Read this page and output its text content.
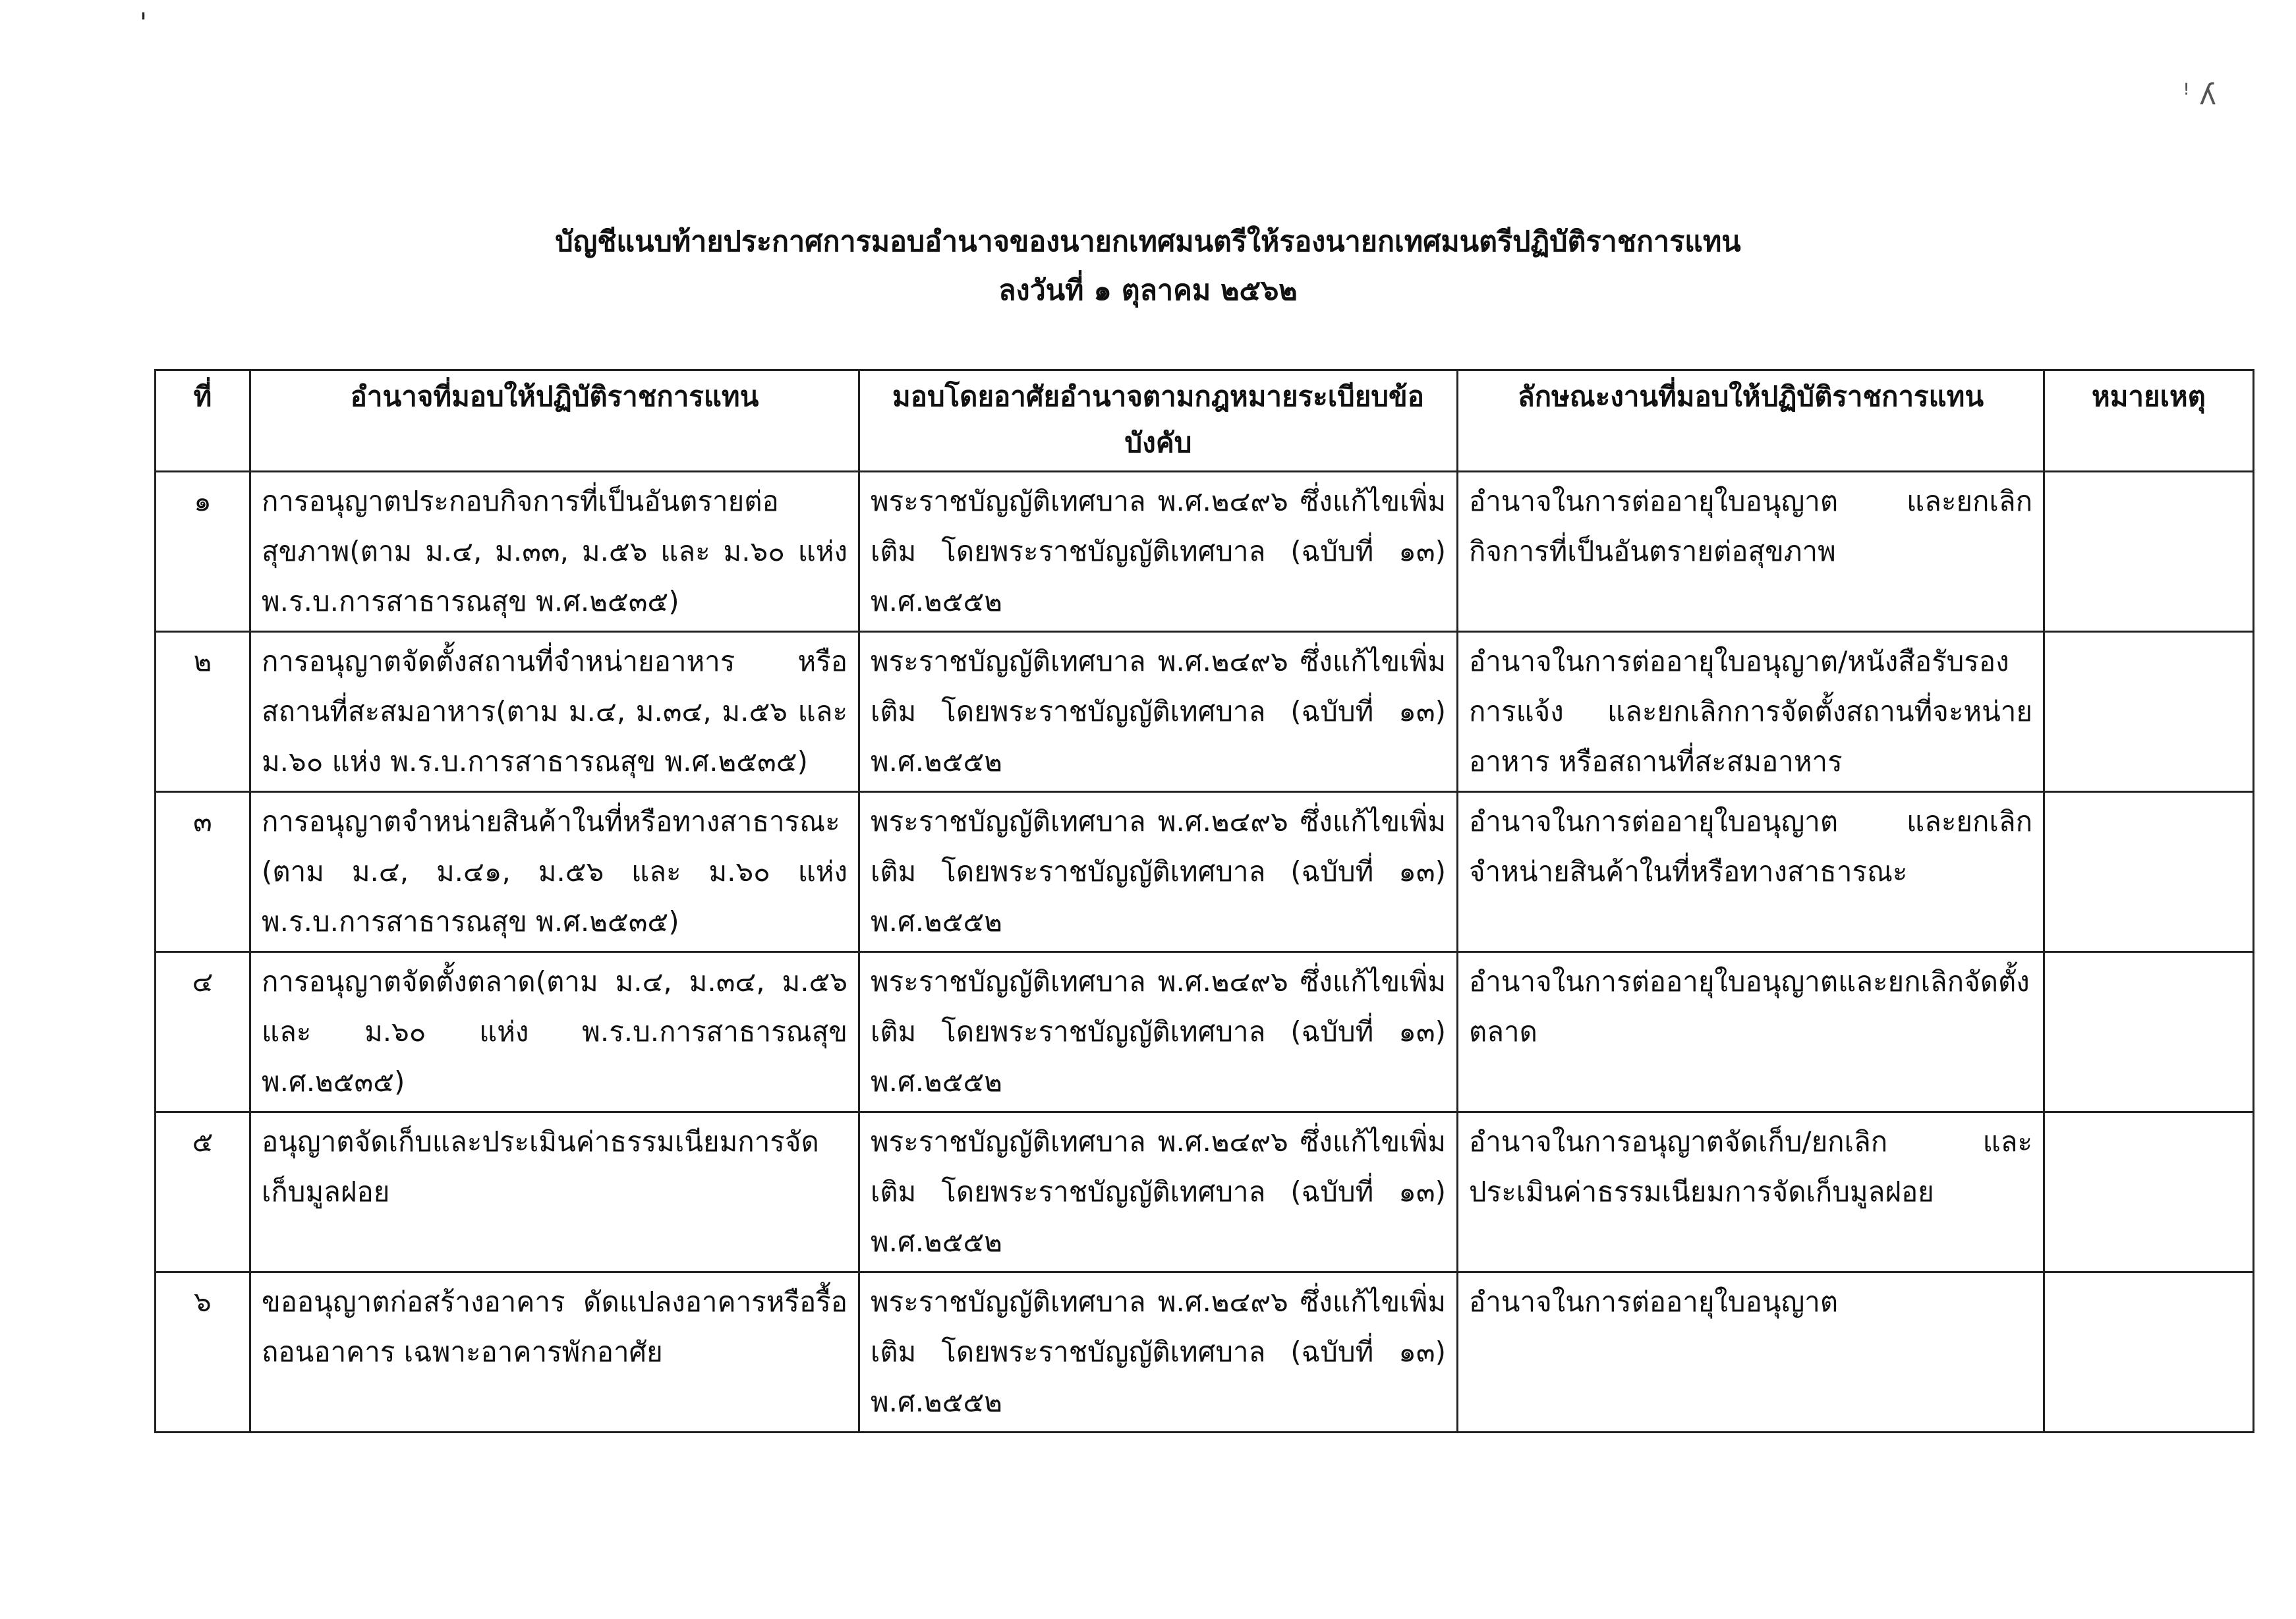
'
ꜝ ʎ
บัญชีแนบท้ายประกาศการมอบอำนาจของนายกเทศมนตรีให้รองนายกเทศมนตรีปฏิบัติราชการแทน
ลงวันที่ ๑ ตุลาคม ๒๕๖๒
ที่	อำนาจที่มอบให้ปฏิบัติราชการแทน	มอบโดยอาศัยอำนาจตามกฎหมายระเบียบข้อบังคับ	ลักษณะงานที่มอบให้ปฏิบัติราชการแทน	หมายเหตุ
๑	การอนุญาตประกอบกิจการที่เป็นอันตรายต่อสุขภาพ(ตาม ม.๔, ม.๓๓, ม.๕๖ และ ม.๖๐ แห่ง พ.ร.บ.การสาธารณสุข พ.ศ.๒๕๓๕)	พระราชบัญญัติเทศบาล พ.ศ.๒๔๙๖ ซึ่งแก้ไขเพิ่มเติม โดยพระราชบัญญัติเทศบาล (ฉบับที่ ๑๓) พ.ศ.๒๕๕๒	อำนาจในการต่ออายุใบอนุญาต และยกเลิกกิจการที่เป็นอันตรายต่อสุขภาพ	
๒	การอนุญาตจัดตั้งสถานที่จำหน่ายอาหาร หรือสถานที่สะสมอาหาร(ตาม ม.๔, ม.๓๔, ม.๕๖ และ ม.๖๐ แห่ง พ.ร.บ.การสาธารณสุข พ.ศ.๒๕๓๕)	พระราชบัญญัติเทศบาล พ.ศ.๒๔๙๖ ซึ่งแก้ไขเพิ่มเติม โดยพระราชบัญญัติเทศบาล (ฉบับที่ ๑๓) พ.ศ.๒๕๕๒	อำนาจในการต่ออายุใบอนุญาต/หนังสือรับรองการแจ้ง และยกเลิกการจัดตั้งสถานที่จะหน่ายอาหาร หรือสถานที่สะสมอาหาร	
๓	การอนุญาตจำหน่ายสินค้าในที่หรือทางสาธารณะ (ตาม ม.๔, ม.๔๑, ม.๕๖ และ ม.๖๐ แห่ง พ.ร.บ.การสาธารณสุข พ.ศ.๒๕๓๕)	พระราชบัญญัติเทศบาล พ.ศ.๒๔๙๖ ซึ่งแก้ไขเพิ่มเติม โดยพระราชบัญญัติเทศบาล (ฉบับที่ ๑๓) พ.ศ.๒๕๕๒	อำนาจในการต่ออายุใบอนุญาต และยกเลิกจำหน่ายสินค้าในที่หรือทางสาธารณะ	
๔	การอนุญาตจัดตั้งตลาด(ตาม ม.๔, ม.๓๔, ม.๕๖ และ ม.๖๐ แห่ง พ.ร.บ.การสาธารณสุข พ.ศ.๒๕๓๕)	พระราชบัญญัติเทศบาล พ.ศ.๒๔๙๖ ซึ่งแก้ไขเพิ่มเติม โดยพระราชบัญญัติเทศบาล (ฉบับที่ ๑๓) พ.ศ.๒๕๕๒	อำนาจในการต่ออายุใบอนุญาตและยกเลิกจัดตั้งตลาด	
๕	อนุญาตจัดเก็บและประเมินค่าธรรมเนียมการจัดเก็บมูลฝอย	พระราชบัญญัติเทศบาล พ.ศ.๒๔๙๖ ซึ่งแก้ไขเพิ่มเติม โดยพระราชบัญญัติเทศบาล (ฉบับที่ ๑๓) พ.ศ.๒๕๕๒	อำนาจในการอนุญาตจัดเก็บ/ยกเลิก และประเมินค่าธรรมเนียมการจัดเก็บมูลฝอย	
๖	ขออนุญาตก่อสร้างอาคาร ดัดแปลงอาคารหรือรื้อถอนอาคาร เฉพาะอาคารพักอาศัย	พระราชบัญญัติเทศบาล พ.ศ.๒๔๙๖ ซึ่งแก้ไขเพิ่มเติม โดยพระราชบัญญัติเทศบาล (ฉบับที่ ๑๓) พ.ศ.๒๕๕๒	อำนาจในการต่ออายุใบอนุญาต	
